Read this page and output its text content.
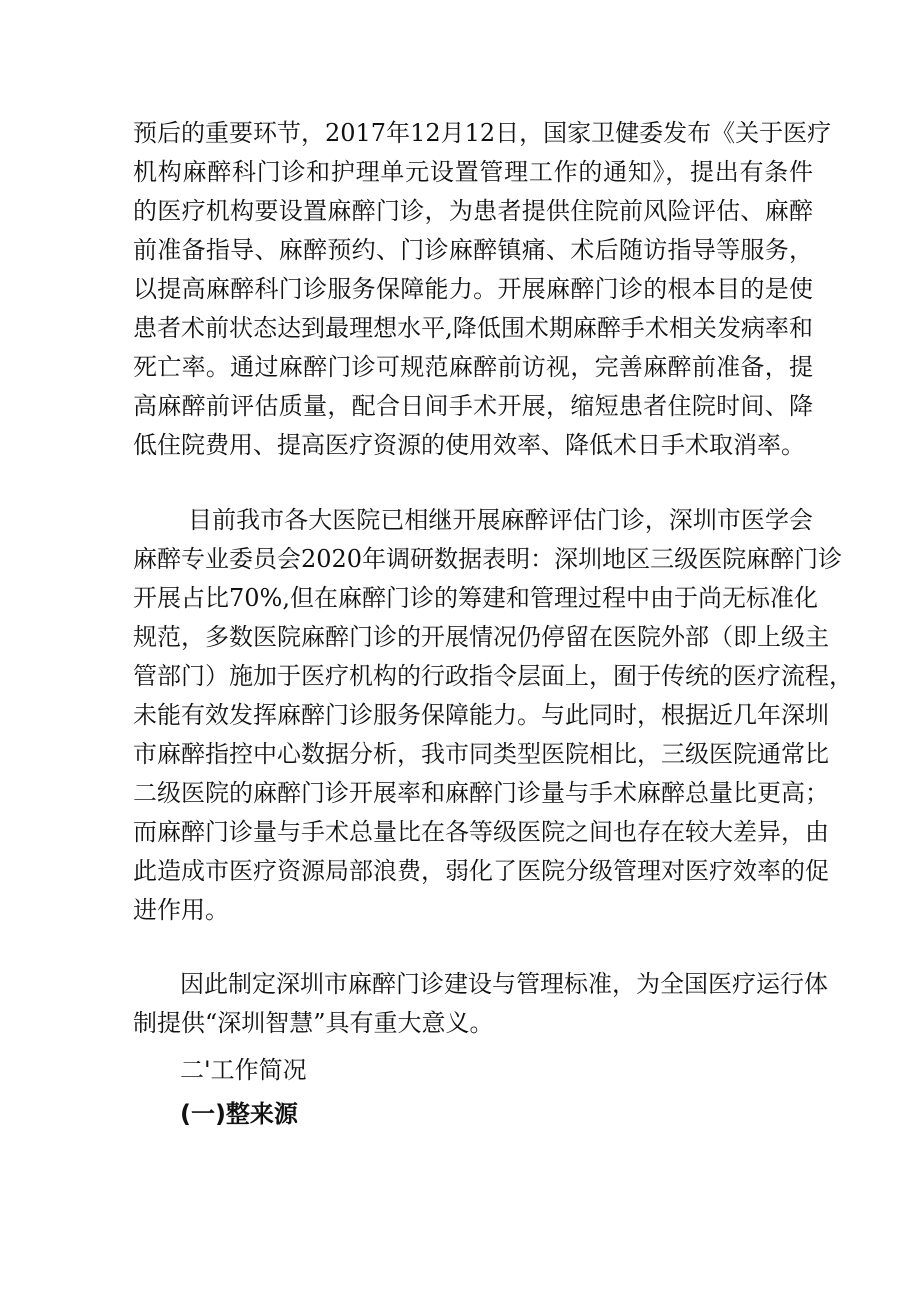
预后的重要环节，2017年12月12日，国家卫健委发布《关于医疗
机构麻醉科门诊和护理单元设置管理工作的通知》，提出有条件
的医疗机构要设置麻醉门诊，为患者提供住院前风险评估、麻醉
前准备指导、麻醉预约、门诊麻醉镇痛、术后随访指导等服务，
以提高麻醉科门诊服务保障能力。开展麻醉门诊的根本目的是使
患者术前状态达到最理想水平,降低围术期麻醉手术相关发病率和
死亡率。通过麻醉门诊可规范麻醉前访视，完善麻醉前准备，提
高麻醉前评估质量，配合日间手术开展，缩短患者住院时间、降
低住院费用、提高医疗资源的使用效率、降低术日手术取消率。
目前我市各大医院已相继开展麻醉评估门诊，深圳市医学会
麻醉专业委员会2020年调研数据表明：深圳地区三级医院麻醉门诊
开展占比70%,但在麻醉门诊的筹建和管理过程中由于尚无标准化
规范，多数医院麻醉门诊的开展情况仍停留在医院外部（即上级主
管部门）施加于医疗机构的行政指令层面上，囿于传统的医疗流程，
未能有效发挥麻醉门诊服务保障能力。与此同时，根据近几年深圳
市麻醉指控中心数据分析，我市同类型医院相比，三级医院通常比
二级医院的麻醉门诊开展率和麻醉门诊量与手术麻醉总量比更高；
而麻醉门诊量与手术总量比在各等级医院之间也存在较大差异，由
此造成市医疗资源局部浪费，弱化了医院分级管理对医疗效率的促
进作用。
因此制定深圳市麻醉门诊建设与管理标准，为全国医疗运行体
制提供“深圳智慧”具有重大意义。
二'工作简况
(一)整来源
